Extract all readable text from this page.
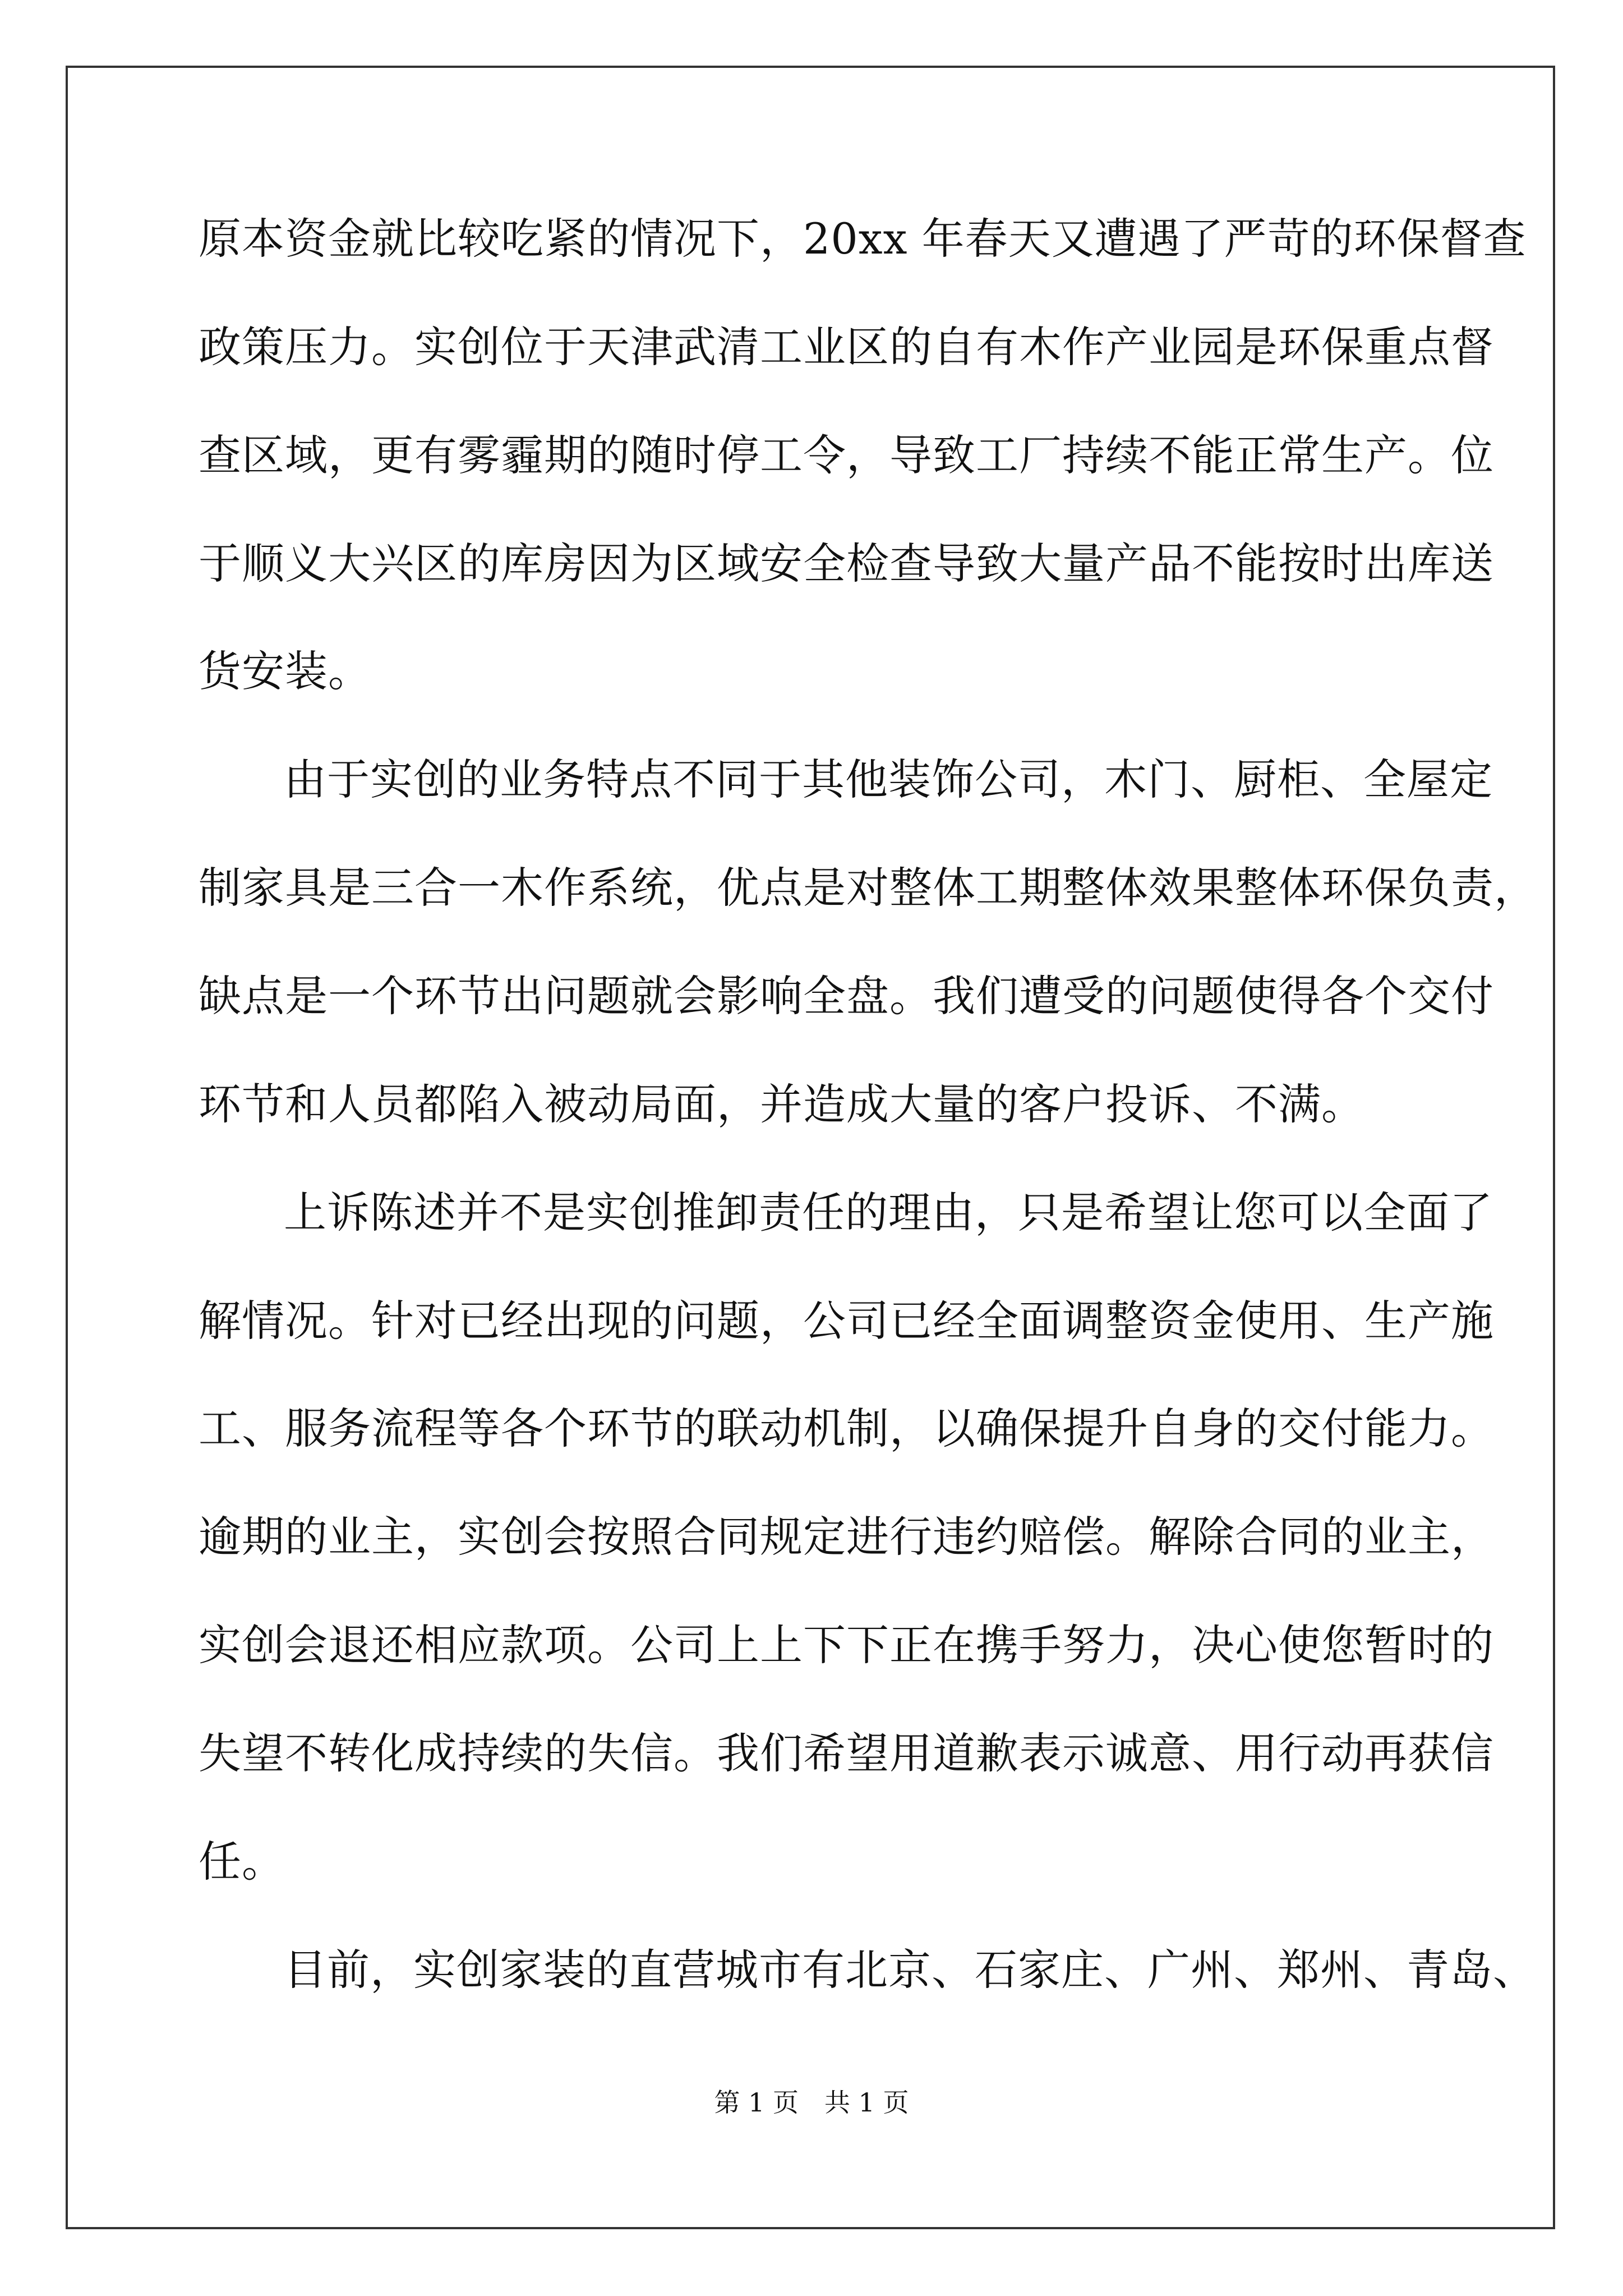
原本资金就比较吃紧的情况下，20xx 年春天又遭遇了严苛的环保督查
政策压力。实创位于天津武清工业区的自有木作产业园是环保重点督
查区域，更有雾霾期的随时停工令，导致工厂持续不能正常生产。位
于顺义大兴区的库房因为区域安全检查导致大量产品不能按时出库送
货安装。
由于实创的业务特点不同于其他装饰公司，木门、厨柜、全屋定
制家具是三合一木作系统，优点是对整体工期整体效果整体环保负责，
缺点是一个环节出问题就会影响全盘。我们遭受的问题使得各个交付
环节和人员都陷入被动局面，并造成大量的客户投诉、不满。
上诉陈述并不是实创推卸责任的理由，只是希望让您可以全面了
解情况。针对已经出现的问题，公司已经全面调整资金使用、生产施
工、服务流程等各个环节的联动机制，以确保提升自身的交付能力。
逾期的业主，实创会按照合同规定进行违约赔偿。解除合同的业主，
实创会退还相应款项。公司上上下下正在携手努力，决心使您暂时的
失望不转化成持续的失信。我们希望用道歉表示诚意、用行动再获信
任。
目前，实创家装的直营城市有北京、石家庄、广州、郑州、青岛、
第 1 页　共 1 页
